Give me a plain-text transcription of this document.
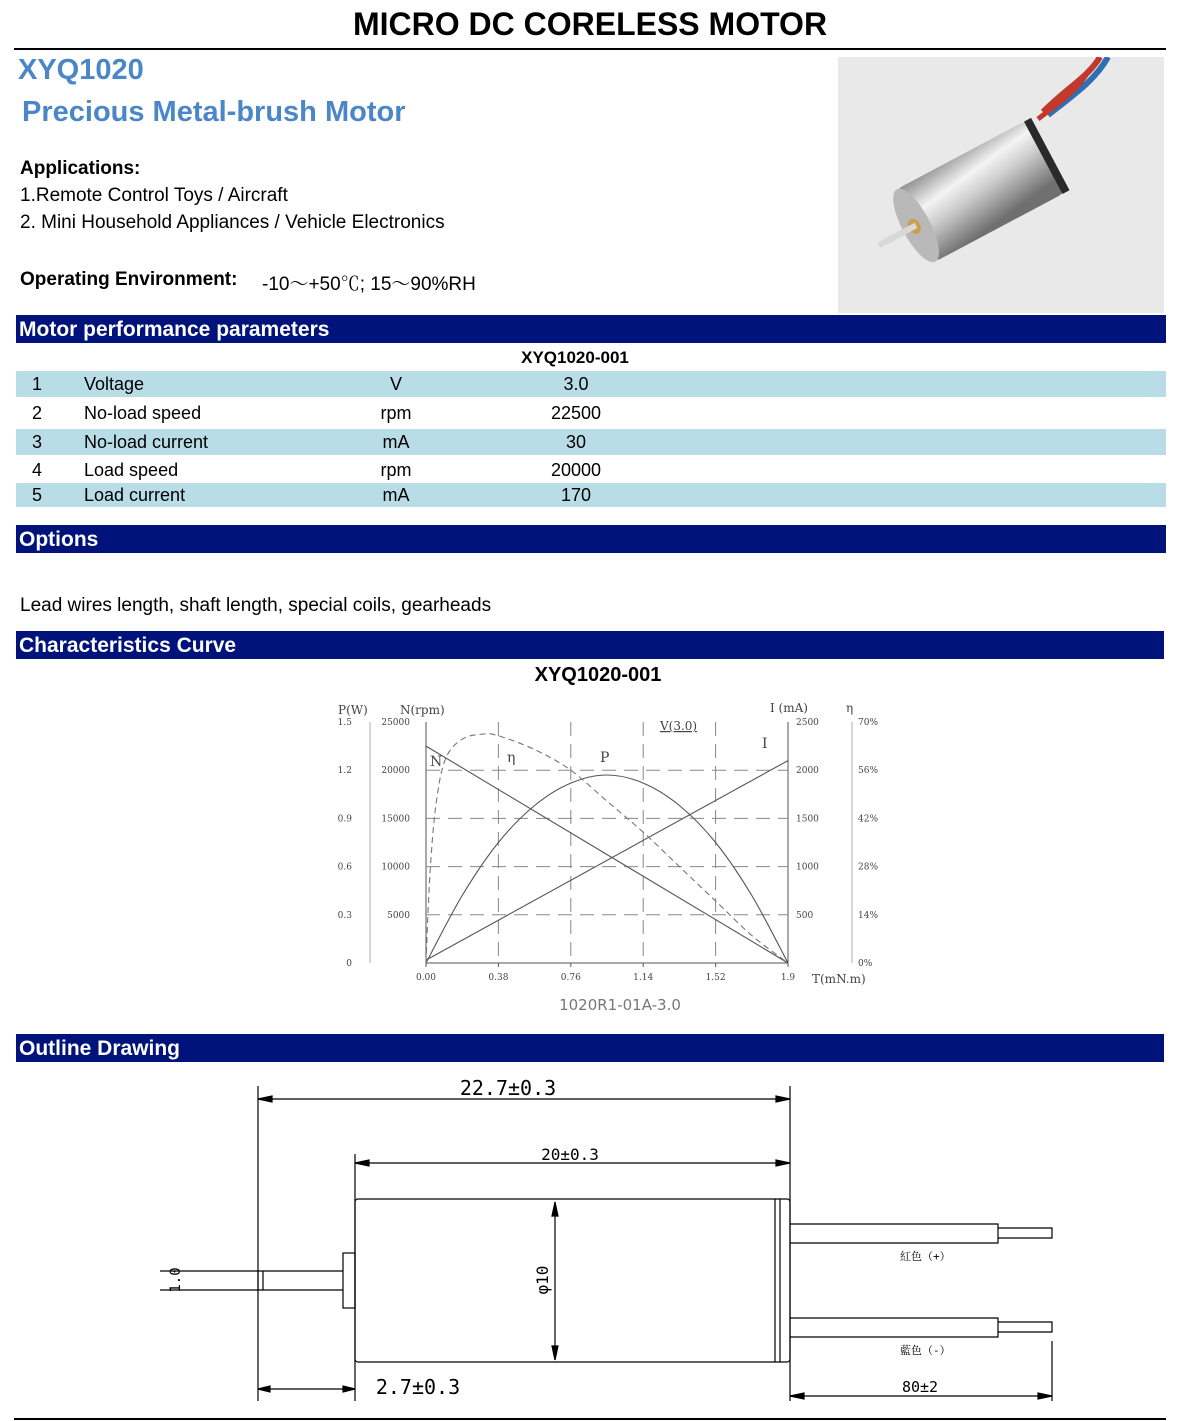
MICRO DC CORELESS MOTOR
XYQ1020
Precious Metal-brush Motor
Applications:
1.Remote Control Toys / Aircraft
2. Mini Household Appliances / Vehicle Electronics
Operating Environment: -10～+50℃; 15～90%RH
Motor performance parameters
XYQ1020-001
1 Voltage	V	3.0
2 No-load speed	rpm	22500
3 No-load current	mA	30
4 Load speed	rpm	20000
5 Load current	mA	170
Options
Lead wires length, shaft length, special coils, gearheads
Characteristics Curve
XYQ1020-001
0.00	0.38	0.76	1.14	1.52	1.9
1.5
1.2
0.9
0.6
0.3
0
25000
20000
15000
10000
5000
2500
2000
1500
1000
500
70%
56%
42%
28%
14%
0%
P(W)	N(rpm)	I (mA)	η
T(mN.m)
V(3.0)
1020R1-01A-3.0
N
I
P
η
Outline Drawing
22.7±0.3
20±0.3
1.0	φ10
2.7±0.3	80±2
紅色（+）
藍色（-）
